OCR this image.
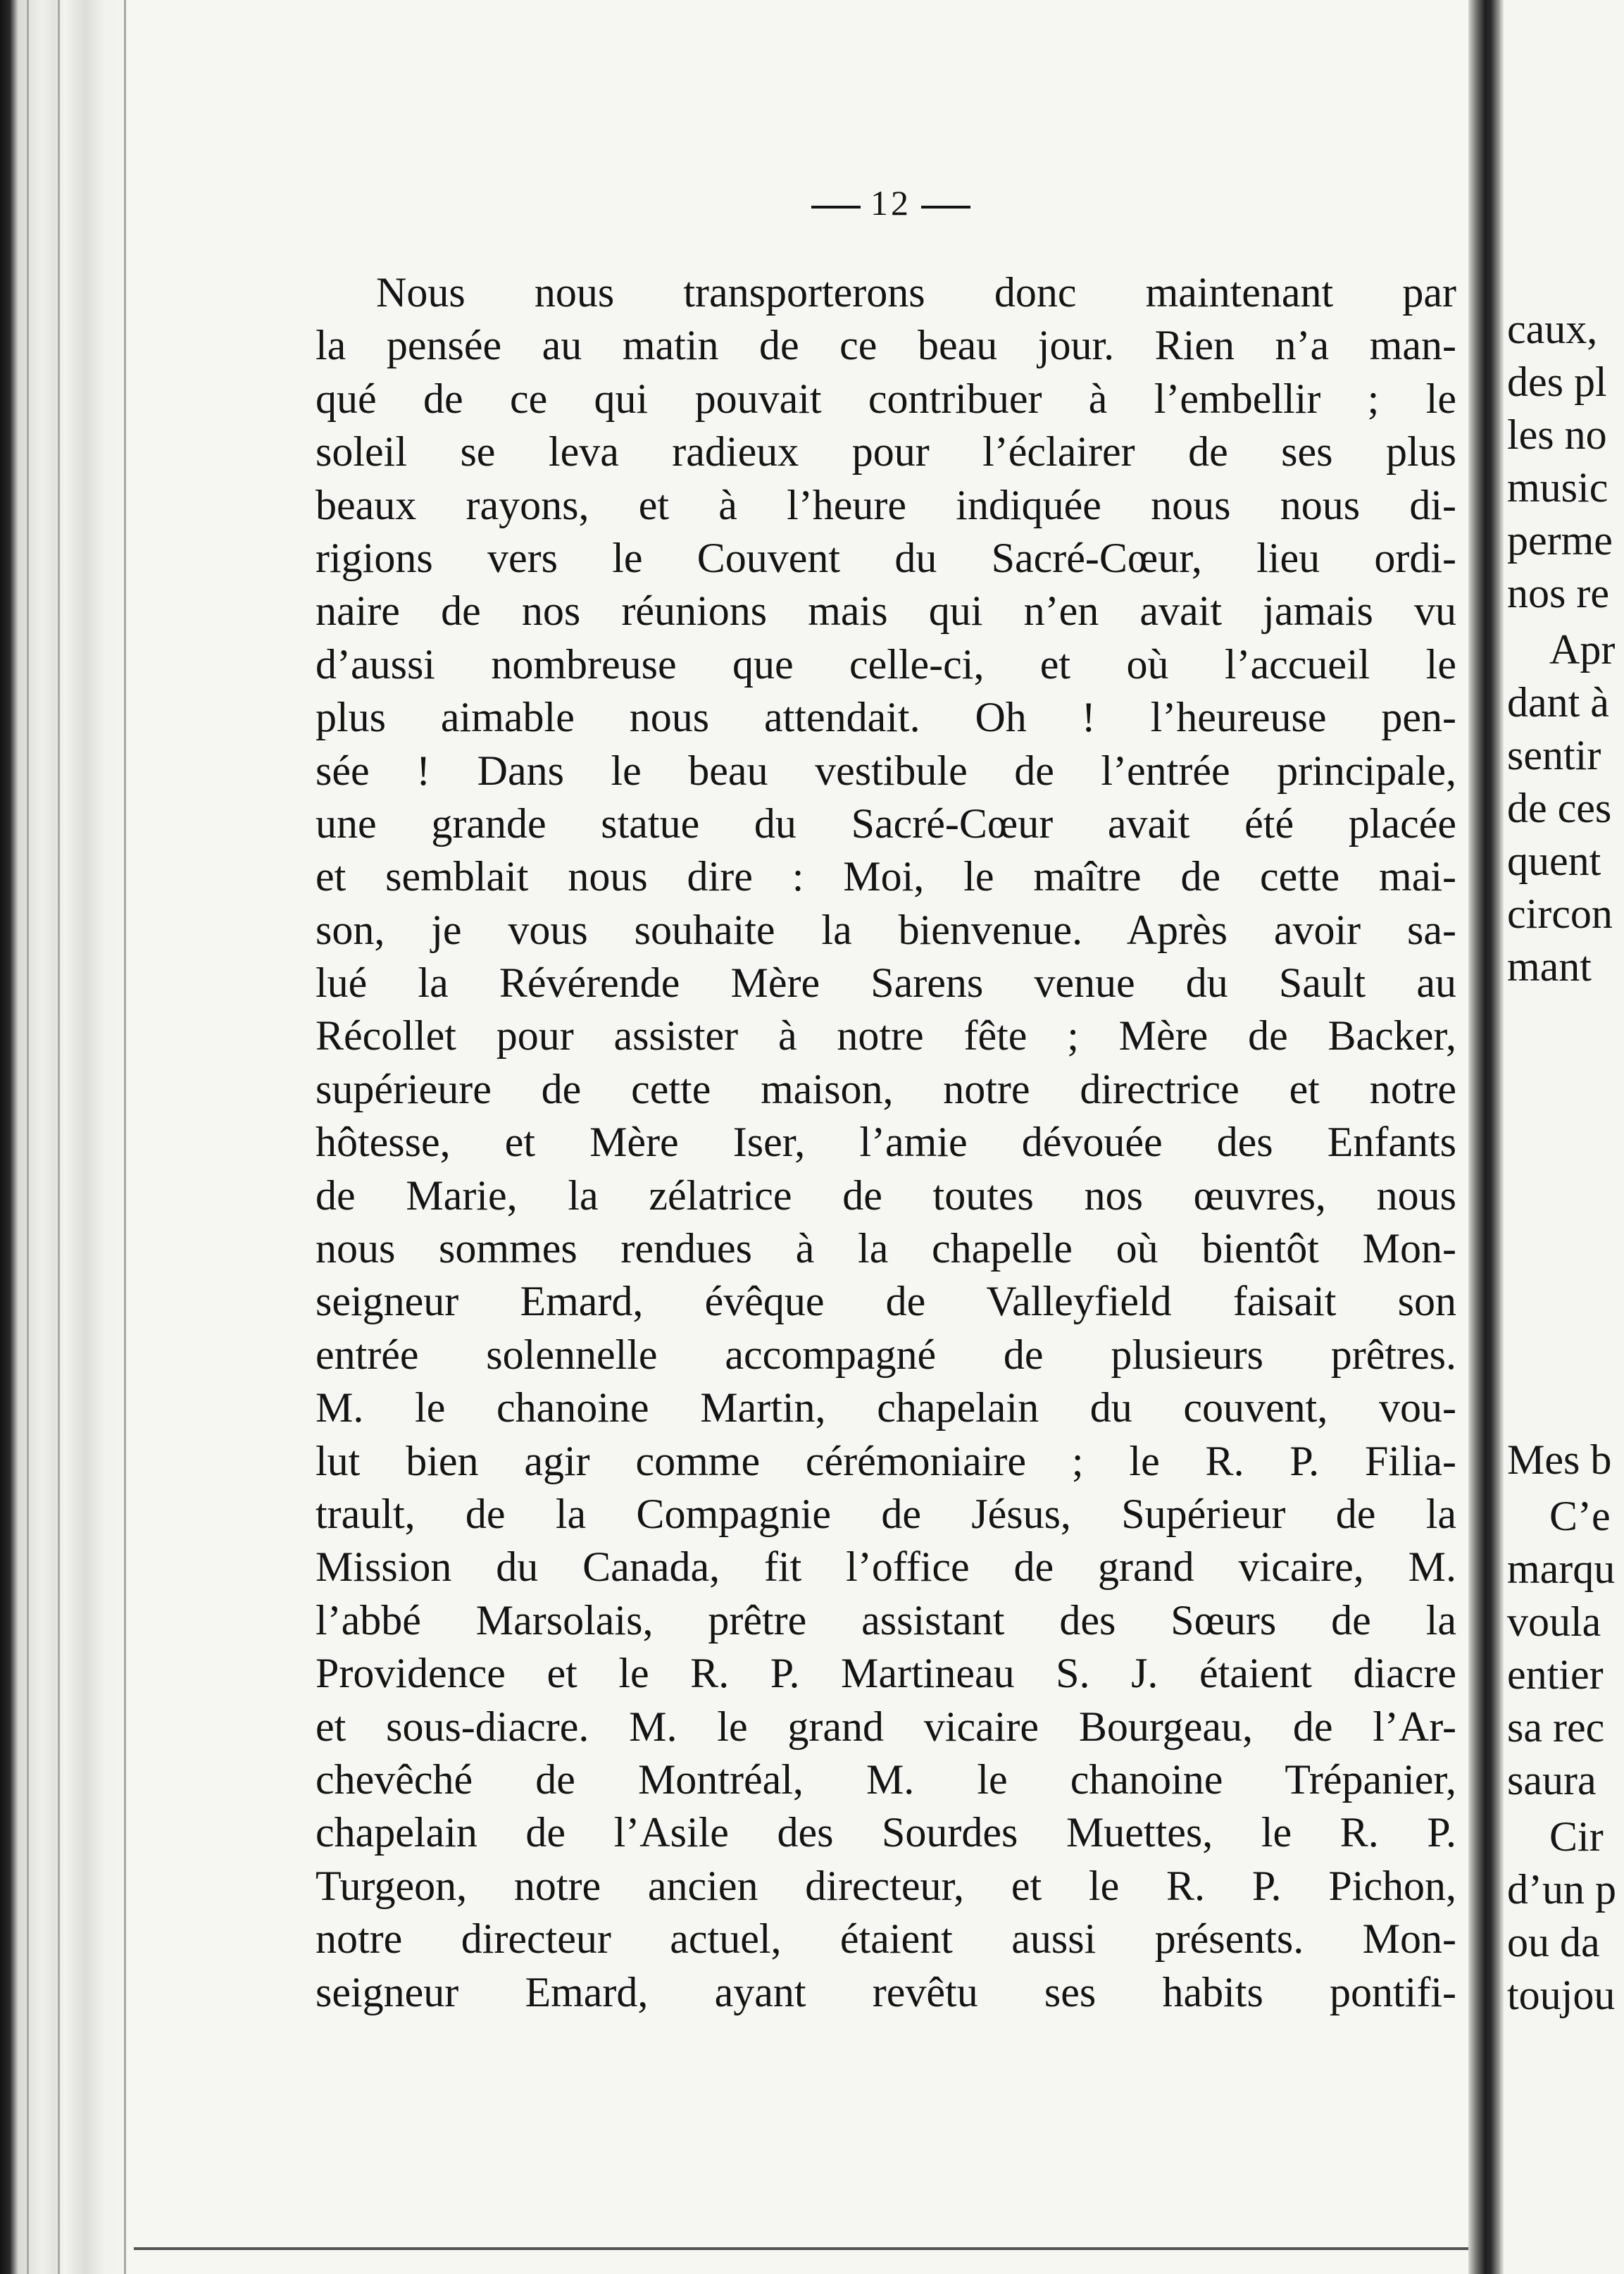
12
Nous nous transporterons donc maintenant par
la pensée au matin de ce beau jour. Rien n’a man-
qué de ce qui pouvait contribuer à l’embellir ; le
soleil se leva radieux pour l’éclairer de ses plus
beaux rayons, et à l’heure indiquée nous nous di-
rigions vers le Couvent du Sacré-Cœur, lieu ordi-
naire de nos réunions mais qui n’en avait jamais vu
d’aussi nombreuse que celle-ci, et où l’accueil le
plus aimable nous attendait. Oh ! l’heureuse pen-
sée ! Dans le beau vestibule de l’entrée principale,
une grande statue du Sacré-Cœur avait été placée
et semblait nous dire : Moi, le maître de cette mai-
son, je vous souhaite la bienvenue. Après avoir sa-
lué la Révérende Mère Sarens venue du Sault au
Récollet pour assister à notre fête ; Mère de Backer,
supérieure de cette maison, notre directrice et notre
hôtesse, et Mère Iser, l’amie dévouée des Enfants
de Marie, la zélatrice de toutes nos œuvres, nous
nous sommes rendues à la chapelle où bientôt Mon-
seigneur Emard, évêque de Valleyfield faisait son
entrée solennelle accompagné de plusieurs prêtres.
M. le chanoine Martin, chapelain du couvent, vou-
lut bien agir comme cérémoniaire ; le R. P. Filia-
trault, de la Compagnie de Jésus, Supérieur de la
Mission du Canada, fit l’office de grand vicaire, M.
l’abbé Marsolais, prêtre assistant des Sœurs de la
Providence et le R. P. Martineau S. J. étaient diacre
et sous-diacre. M. le grand vicaire Bourgeau, de l’Ar-
chevêché de Montréal, M. le chanoine Trépanier,
chapelain de l’Asile des Sourdes Muettes, le R. P.
Turgeon, notre ancien directeur, et le R. P. Pichon,
notre directeur actuel, étaient aussi présents. Mon-
seigneur Emard, ayant revêtu ses habits pontifi-
caux,
des pl
les no
music
perme
nos re
Apr
dant à
sentir
de ces
quent
circon
mant
Mes b
C’e
marqu
voula
entier
sa rec
saura
Cir
d’un p
ou da
toujou
